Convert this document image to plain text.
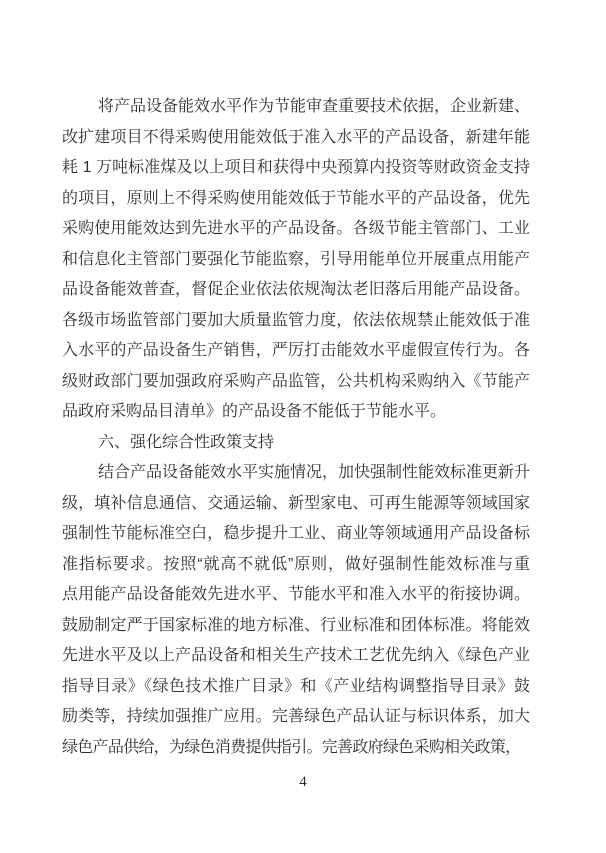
将产品设备能效水平作为节能审查重要技术依据，企业新建、
改扩建项目不得采购使用能效低于准入水平的产品设备，新建年能
耗 1 万吨标准煤及以上项目和获得中央预算内投资等财政资金支持
的项目，原则上不得采购使用能效低于节能水平的产品设备，优先
采购使用能效达到先进水平的产品设备。各级节能主管部门、工业
和信息化主管部门要强化节能监察，引导用能单位开展重点用能产
品设备能效普查，督促企业依法依规淘汰老旧落后用能产品设备。
各级市场监管部门要加大质量监管力度，依法依规禁止能效低于准
入水平的产品设备生产销售，严厉打击能效水平虚假宣传行为。各
级财政部门要加强政府采购产品监管，公共机构采购纳入《节能产
品政府采购品目清单》的产品设备不能低于节能水平。
六、强化综合性政策支持
结合产品设备能效水平实施情况，加快强制性能效标准更新升
级，填补信息通信、交通运输、新型家电、可再生能源等领域国家
强制性节能标准空白，稳步提升工业、商业等领域通用产品设备标
准指标要求。按照“就高不就低”原则，做好强制性能效标准与重
点用能产品设备能效先进水平、节能水平和准入水平的衔接协调。
鼓励制定严于国家标准的地方标准、行业标准和团体标准。将能效
先进水平及以上产品设备和相关生产技术工艺优先纳入《绿色产业
指导目录》《绿色技术推广目录》和《产业结构调整指导目录》鼓
励类等，持续加强推广应用。完善绿色产品认证与标识体系，加大
绿色产品供给，为绿色消费提供指引。完善政府绿色采购相关政策，
4
